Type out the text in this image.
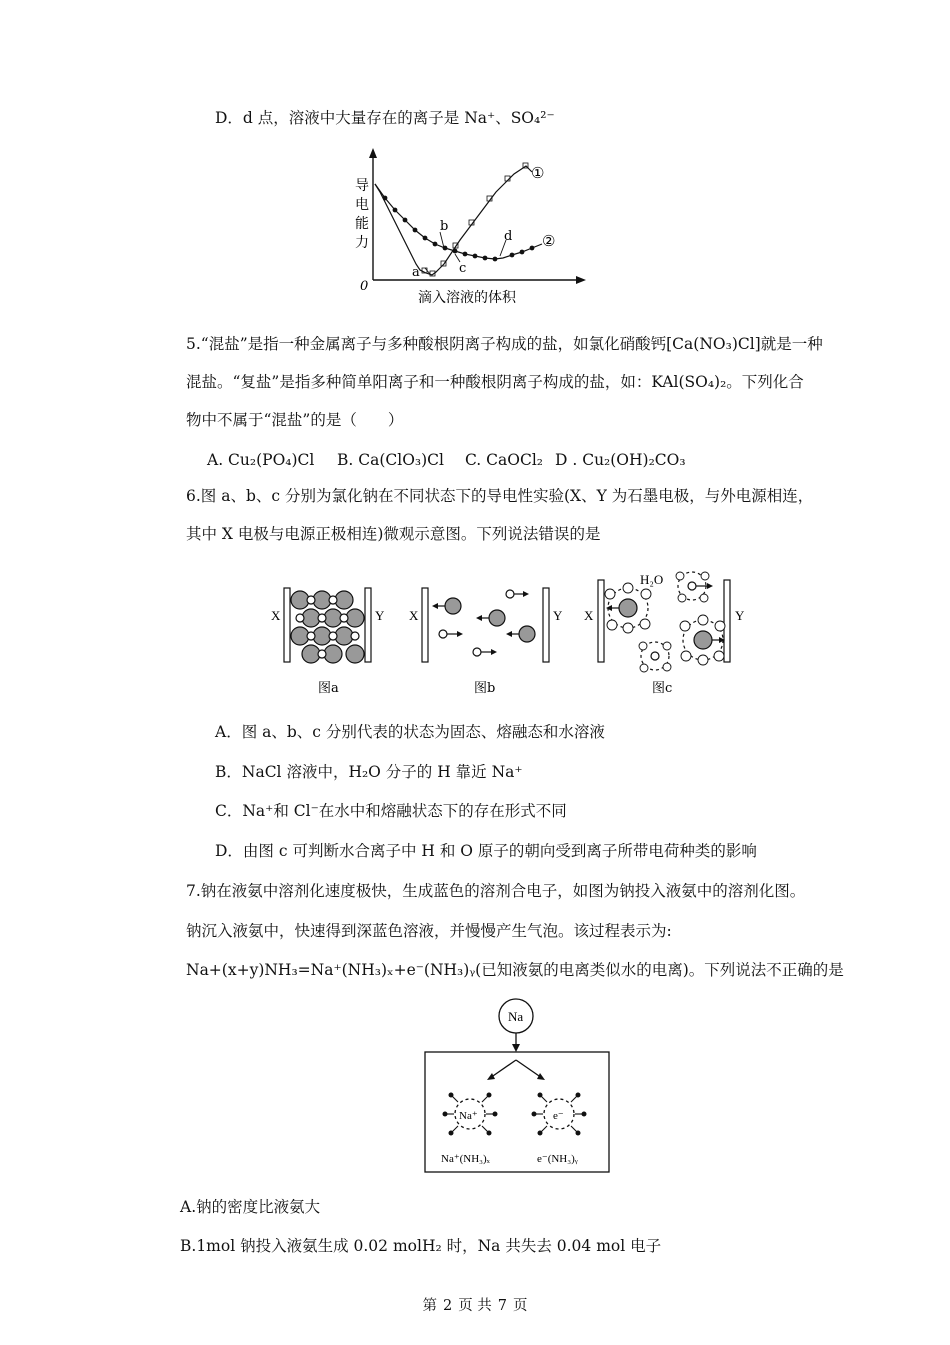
D．d 点，溶液中大量存在的离子是 Na⁺、SO₄²⁻
导
电
能
力
0
滴入溶液的体积
a
b
c
d
①
②
5.“混盐”是指一种金属离子与多种酸根阴离子构成的盐，如氯化硝酸钙[Ca(NO₃)Cl]就是一种
混盐。“复盐”是指多种简单阳离子和一种酸根阴离子构成的盐，如：KAl(SO₄)₂。下列化合
物中不属于“混盐”的是（　　）
A. Cu₂(PO₄)Cl B. Ca(ClO₃)Cl C. CaOCl₂ D . Cu₂(OH)₂CO₃
6.图 a、b、c 分别为氯化钠在不同状态下的导电性实验(X、Y 为石墨电极，与外电源相连，
其中 X 电极与电源正极相连)微观示意图。下列说法错误的是
X	Y X	Y X	Y
H₂O
图a	图b	图c
A．图 a、b、c 分别代表的状态为固态、熔融态和水溶液
B．NaCl 溶液中，H₂O 分子的 H 靠近 Na⁺
C．Na⁺和 Cl⁻在水中和熔融状态下的存在形式不同
D．由图 c 可判断水合离子中 H 和 O 原子的朝向受到离子所带电荷种类的影响
7.钠在液氨中溶剂化速度极快，生成蓝色的溶剂合电子，如图为钠投入液氨中的溶剂化图。
钠沉入液氨中，快速得到深蓝色溶液，并慢慢产生气泡。该过程表示为:
Na+(x+y)NH₃=Na⁺(NH₃)ₓ+e⁻(NH₃)ᵧ(已知液氨的电离类似水的电离)。下列说法不正确的是
Na
Na⁺	e⁻
Na⁺(NH₃)ₓ	e⁻(NH₃)ᵧ
A.钠的密度比液氨大
B.1mol 钠投入液氨生成 0.02 molH₂ 时，Na 共失去 0.04 mol 电子
第 2 页 共 7 页
